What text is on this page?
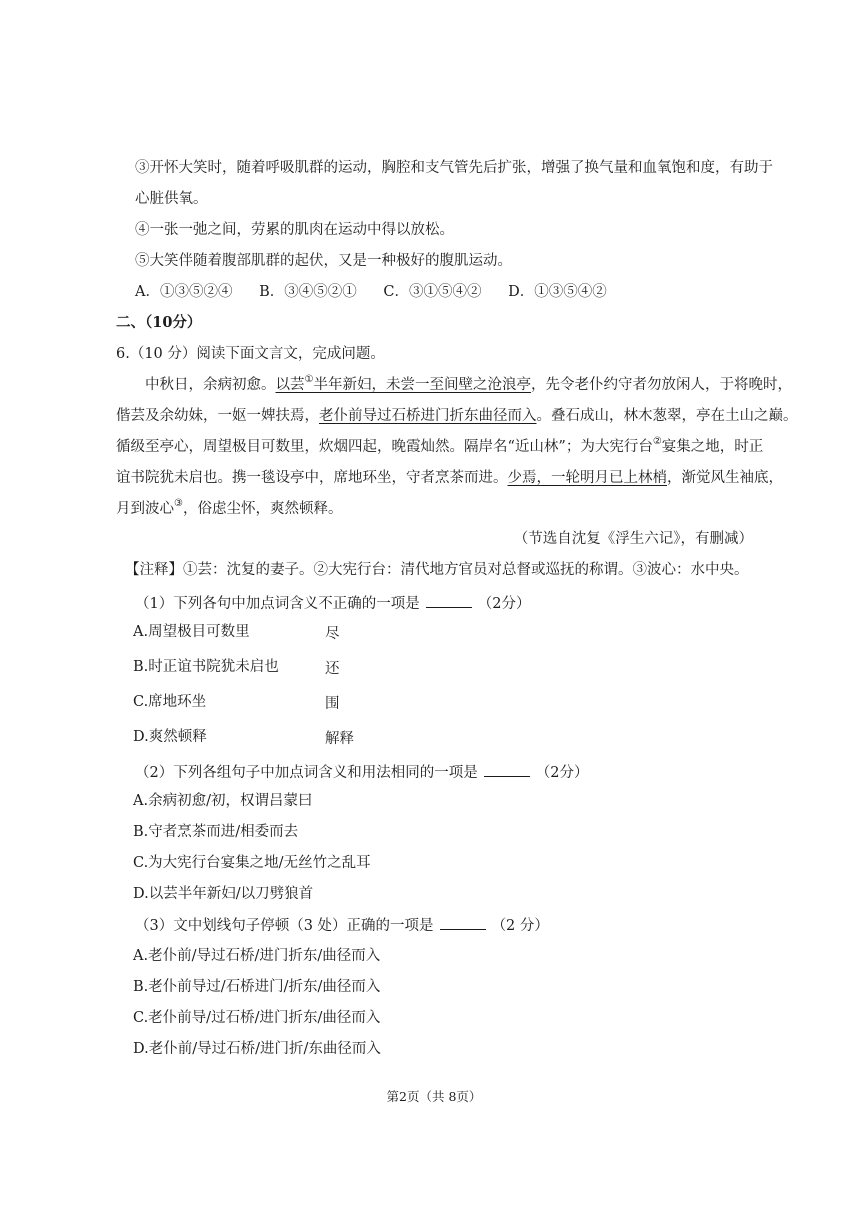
③开怀大笑时，随着呼吸肌群的运动，胸腔和支气管先后扩张，增强了换气量和血氧饱和度，有助于
心脏供氧。
④一张一弛之间，劳累的肌肉在运动中得以放松。
⑤大笑伴随着腹部肌群的起伏，又是一种极好的腹肌运动。
A．①③⑤②④ B．③④⑤②① C．③①⑤④② D．①③⑤④②
二、（10分）
6.（10 分）阅读下面文言文，完成问题。
中秋日，余病初愈。以芸①半年新妇，未尝一至间壁之沧浪亭，先令老仆约守者勿放闲人，于将晚时，
偕芸及余幼妹，一妪一婢扶焉，老仆前导过石桥进门折东曲径而入。叠石成山，林木葱翠，亭在土山之巅。
循级至亭心，周望极目可数里，炊烟四起，晚霞灿然。隔岸名“近山林”；为大宪行台②宴集之地，时正
谊书院犹未启也。携一毯设亭中，席地环坐，守者烹茶而进。少焉，一轮明月已上林梢，渐觉风生袖底，
月到波心③，俗虑尘怀，爽然顿释。
（节选自沈复《浮生六记》，有删减）
【注释】①芸：沈复的妻子。②大宪行台：清代地方官员对总督或巡抚的称谓。③波心：水中央。
（1）下列各句中加点词含义不正确的一项是	（2分）
A.周望极目可数里	尽
B.时正谊书院犹未启也	还
C.席地环坐	围
D.爽然顿释	解释
（2）下列各组句子中加点词含义和用法相同的一项是	（2分）
A.余病初愈/初，权谓吕蒙曰
B.守者烹茶而进/相委而去
C.为大宪行台宴集之地/无丝竹之乱耳
D.以芸半年新妇/以刀劈狼首
（3）文中划线句子停顿（3 处）正确的一项是	（2 分）
A.老仆前/导过石桥/进门折东/曲径而入
B.老仆前导过/石桥进门/折东/曲径而入
C.老仆前导/过石桥/进门折东/曲径而入
D.老仆前/导过石桥/进门折/东曲径而入
第2页（共 8页）
